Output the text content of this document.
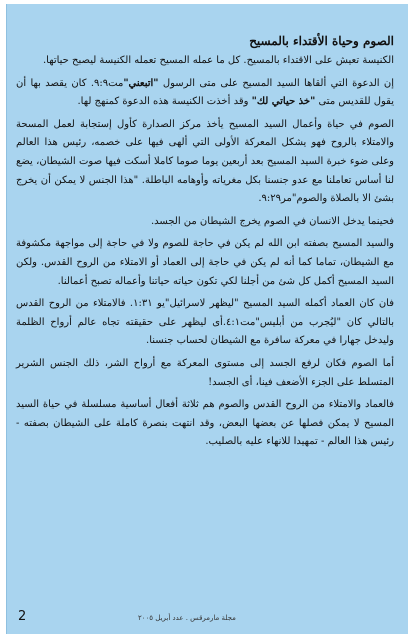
الصوم وحياة الأقتداء بالمسيح
الكنيسة تعيش على الاقتداء بالمسيح. كل ما عمله المسيح تعمله الكنيسة ليصبح حياتها.
إن الدعوة التي ألقاها السيد المسيح على متى الرسول "اتبعني"مت٩:٩. كان يقصد بها أن يقول للقديس متى "خذ حياتي لك" وقد أخذت الكنيسة هذه الدعوة كمنهج لها.
الصوم في حياة وأعمال السيد المسيح يأخذ مركز الصدارة كأول إستجابة لعمل المسحة والامتلاء بالروح فهو يشكل المعركة الأولى التي ألهى فيها على خصمه، رئيس هذا العالم وعلى ضوء خبرة السيد المسيح بعد أربعين يوما صوما كاملا أسكت فيها صوت الشيطان، يضع لنا أساس تعاملنا مع عدو جنسنا بكل مغرياته وأوهامه الباطلة. "هذا الجنس لا يمكن أن يخرج بشئ الا بالصلاة والصوم"مر٩:٢٩.
فحينما يدخل الانسان في الصوم يخرج الشيطان من الجسد.
والسيد المسيح بصفته ابن الله لم يكن في حاجة للصوم ولا في حاجة إلى مواجهة مكشوفة مع الشيطان، تماما كما أنه لم يكن في حاجة إلى العماد أو الامتلاء من الروح القدس. ولكن السيد المسيح أكمل كل شئ من أجلنا لكي تكون حياته حياتنا وأعماله تصبح أعمالنا.
فان كان العماد أكمله السيد المسيح "ليظهر لاسرائيل"يو ١:٣١. فالامتلاء من الروح القدس بالتالي كان "ليُجرب من أبليس"مت٤:١.أى ليظهر على حقيقته تجاه عالم أرواح الظلمة وليدخل جهارا في معركة سافرة مع الشيطان لحساب جنسنا.
أما الصوم فكان لرفع الجسد إلى مستوى المعركة مع أرواح الشر، ذلك الجنس الشرير المتسلط على الجزء الأضعف فينا، أى الجسد!
فالعماد والامتلاء من الروح القدس والصوم هم ثلاثة أفعال أساسية مسلسلة في حياة السيد المسيح لا يمكن فصلها عن بعضها البعض، وقد انتهت بنصرة كاملة على الشيطان بصفته - رئيس هذا العالم - تمهيدا للانهاء عليه بالصليب.
2	مجلة مارمرقس . عدد أبريل ٢٠٠٥
